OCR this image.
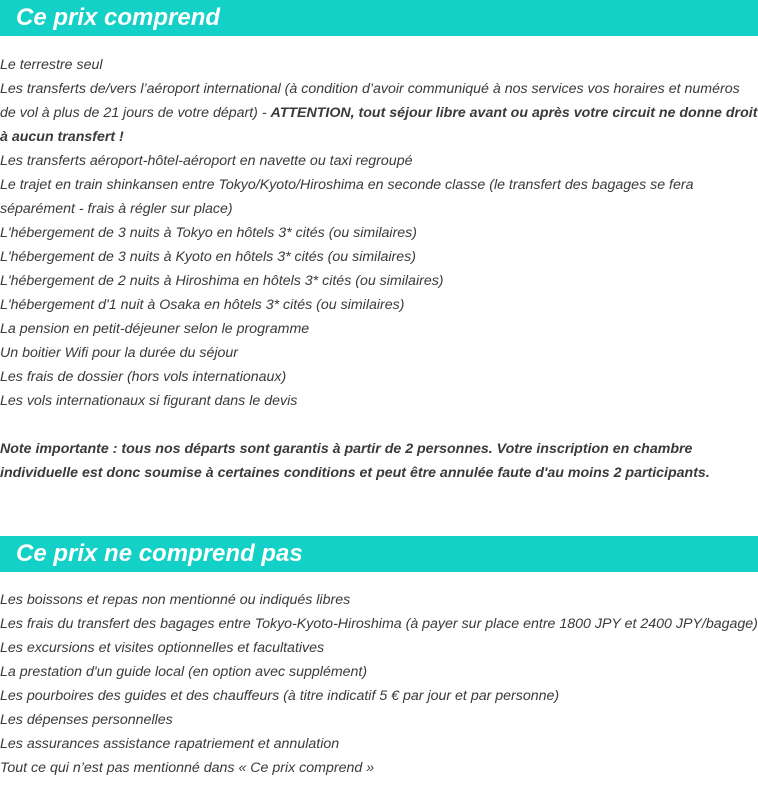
Ce prix comprend
Le terrestre seul
Les transferts de/vers l’aéroport international (à condition d’avoir communiqué à nos services vos horaires et numéros de vol à plus de 21 jours de votre départ) - ATTENTION, tout séjour libre avant ou après votre circuit ne donne droit à aucun transfert !
Les transferts aéroport-hôtel-aéroport en navette ou taxi regroupé
Le trajet en train shinkansen entre Tokyo/Kyoto/Hiroshima en seconde classe (le transfert des bagages se fera séparément - frais à régler sur place)
L'hébergement de 3 nuits à Tokyo en hôtels 3* cités (ou similaires)
L'hébergement de 3 nuits à Kyoto en hôtels 3* cités (ou similaires)
L'hébergement de 2 nuits à Hiroshima en hôtels 3* cités (ou similaires)
L'hébergement d'1 nuit à Osaka en hôtels 3* cités (ou similaires)
La pension en petit-déjeuner selon le programme
Un boitier Wifi pour la durée du séjour
Les frais de dossier (hors vols internationaux)
Les vols internationaux si figurant dans le devis

Note importante : tous nos départs sont garantis à partir de 2 personnes. Votre inscription en chambre individuelle est donc soumise à certaines conditions et peut être annulée faute d'au moins 2 participants.

Ce prix ne comprend pas
Les boissons et repas non mentionné ou indiqués libres
Les frais du transfert des bagages entre Tokyo-Kyoto-Hiroshima (à payer sur place entre 1800 JPY et 2400 JPY/bagage)
Les excursions et visites optionnelles et facultatives
La prestation d'un guide local (en option avec supplément)
Les pourboires des guides et des chauffeurs (à titre indicatif 5 € par jour et par personne)
Les dépenses personnelles
Les assurances assistance rapatriement et annulation
Tout ce qui n’est pas mentionné dans « Ce prix comprend »
